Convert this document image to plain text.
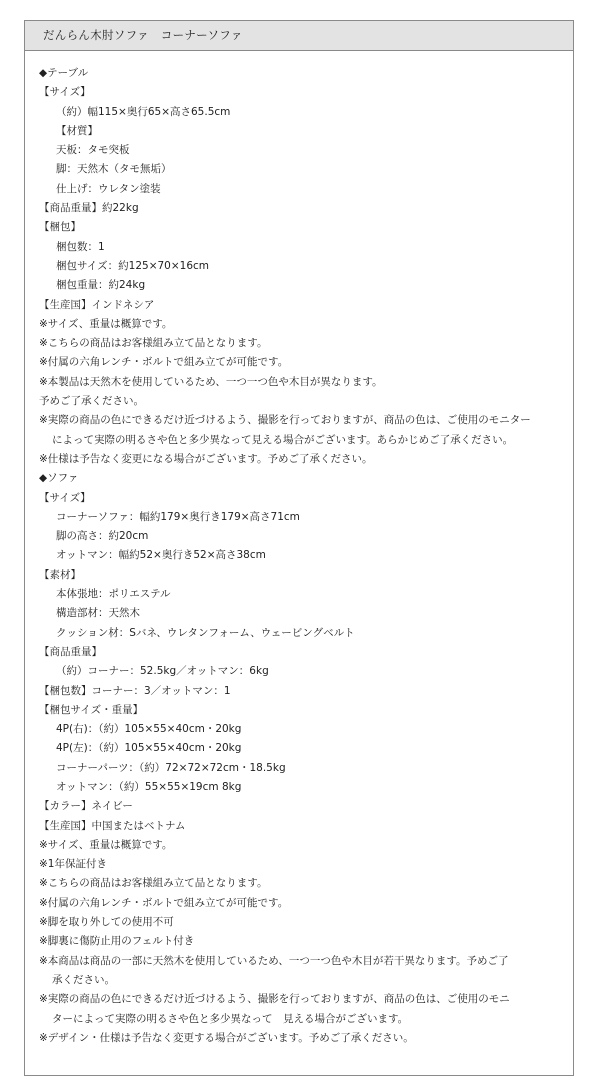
だんらん木肘ソファ　コーナーソファ
◆テーブル
【サイズ】
（約）幅115×奥行65×高さ65.5cm
【材質】
天板：タモ突板
脚：天然木（タモ無垢）
仕上げ：ウレタン塗装
【商品重量】約22kg
【梱包】
梱包数：1
梱包サイズ：約125×70×16cm
梱包重量：約24kg
【生産国】インドネシア
※サイズ、重量は概算です。
※こちらの商品はお客様組み立て品となります。
※付属の六角レンチ・ボルトで組み立てが可能です。
※本製品は天然木を使用しているため、一つ一つ色や木目が異なります。
予めご了承ください。
※実際の商品の色にできるだけ近づけるよう、撮影を行っておりますが、商品の色は、ご使用のモニター
によって実際の明るさや色と多少異なって見える場合がございます。あらかじめご了承ください。
※仕様は予告なく変更になる場合がございます。予めご了承ください。
◆ソファ
【サイズ】
コーナーソファ：幅約179×奥行き179×高さ71cm
脚の高さ：約20cm
オットマン：幅約52×奥行き52×高さ38cm
【素材】
本体張地：ポリエステル
構造部材：天然木
クッション材：Sバネ、ウレタンフォーム、ウェービングベルト
【商品重量】
（約）コーナー：52.5kg／オットマン：6kg
【梱包数】コーナー：3／オットマン：1
【梱包サイズ・重量】
4P(右)：（約）105×55×40cm・20kg
4P(左)：（約）105×55×40cm・20kg
コーナーパーツ：（約）72×72×72cm・18.5kg
オットマン：（約）55×55×19cm 8kg
【カラー】ネイビー
【生産国】中国またはベトナム
※サイズ、重量は概算です。
※1年保証付き
※こちらの商品はお客様組み立て品となります。
※付属の六角レンチ・ボルトで組み立てが可能です。
※脚を取り外しての使用不可
※脚裏に傷防止用のフェルト付き
※本商品は商品の一部に天然木を使用しているため、一つ一つ色や木目が若干異なります。予めご了
承ください。
※実際の商品の色にできるだけ近づけるよう、撮影を行っておりますが、商品の色は、ご使用のモニ
ターによって実際の明るさや色と多少異なって　見える場合がございます。
※デザイン・仕様は予告なく変更する場合がございます。予めご了承ください。
